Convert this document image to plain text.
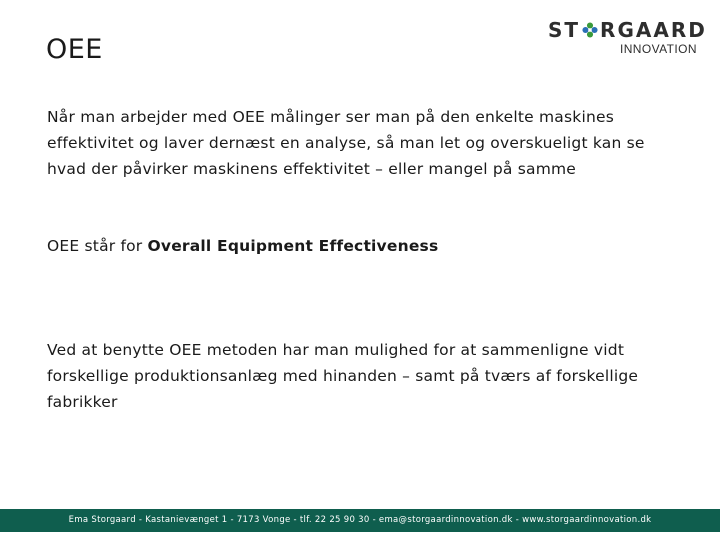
OEE
ST RGAARD
INNOVATION
Når man arbejder med OEE målinger ser man på den enkelte maskines effektivitet og laver dernæst en analyse, så man let og overskueligt kan se hvad der påvirker maskinens effektivitet – eller mangel på samme
OEE står for Overall Equipment Effectiveness
Ved at benytte OEE metoden har man mulighed for at sammenligne vidt forskellige produktionsanlæg med hinanden – samt på tværs af forskellige fabrikker
Ema Storgaard - Kastanievænget 1 - 7173 Vonge - tlf. 22 25 90 30 - ema@storgaardinnovation.dk - www.storgaardinnovation.dk
